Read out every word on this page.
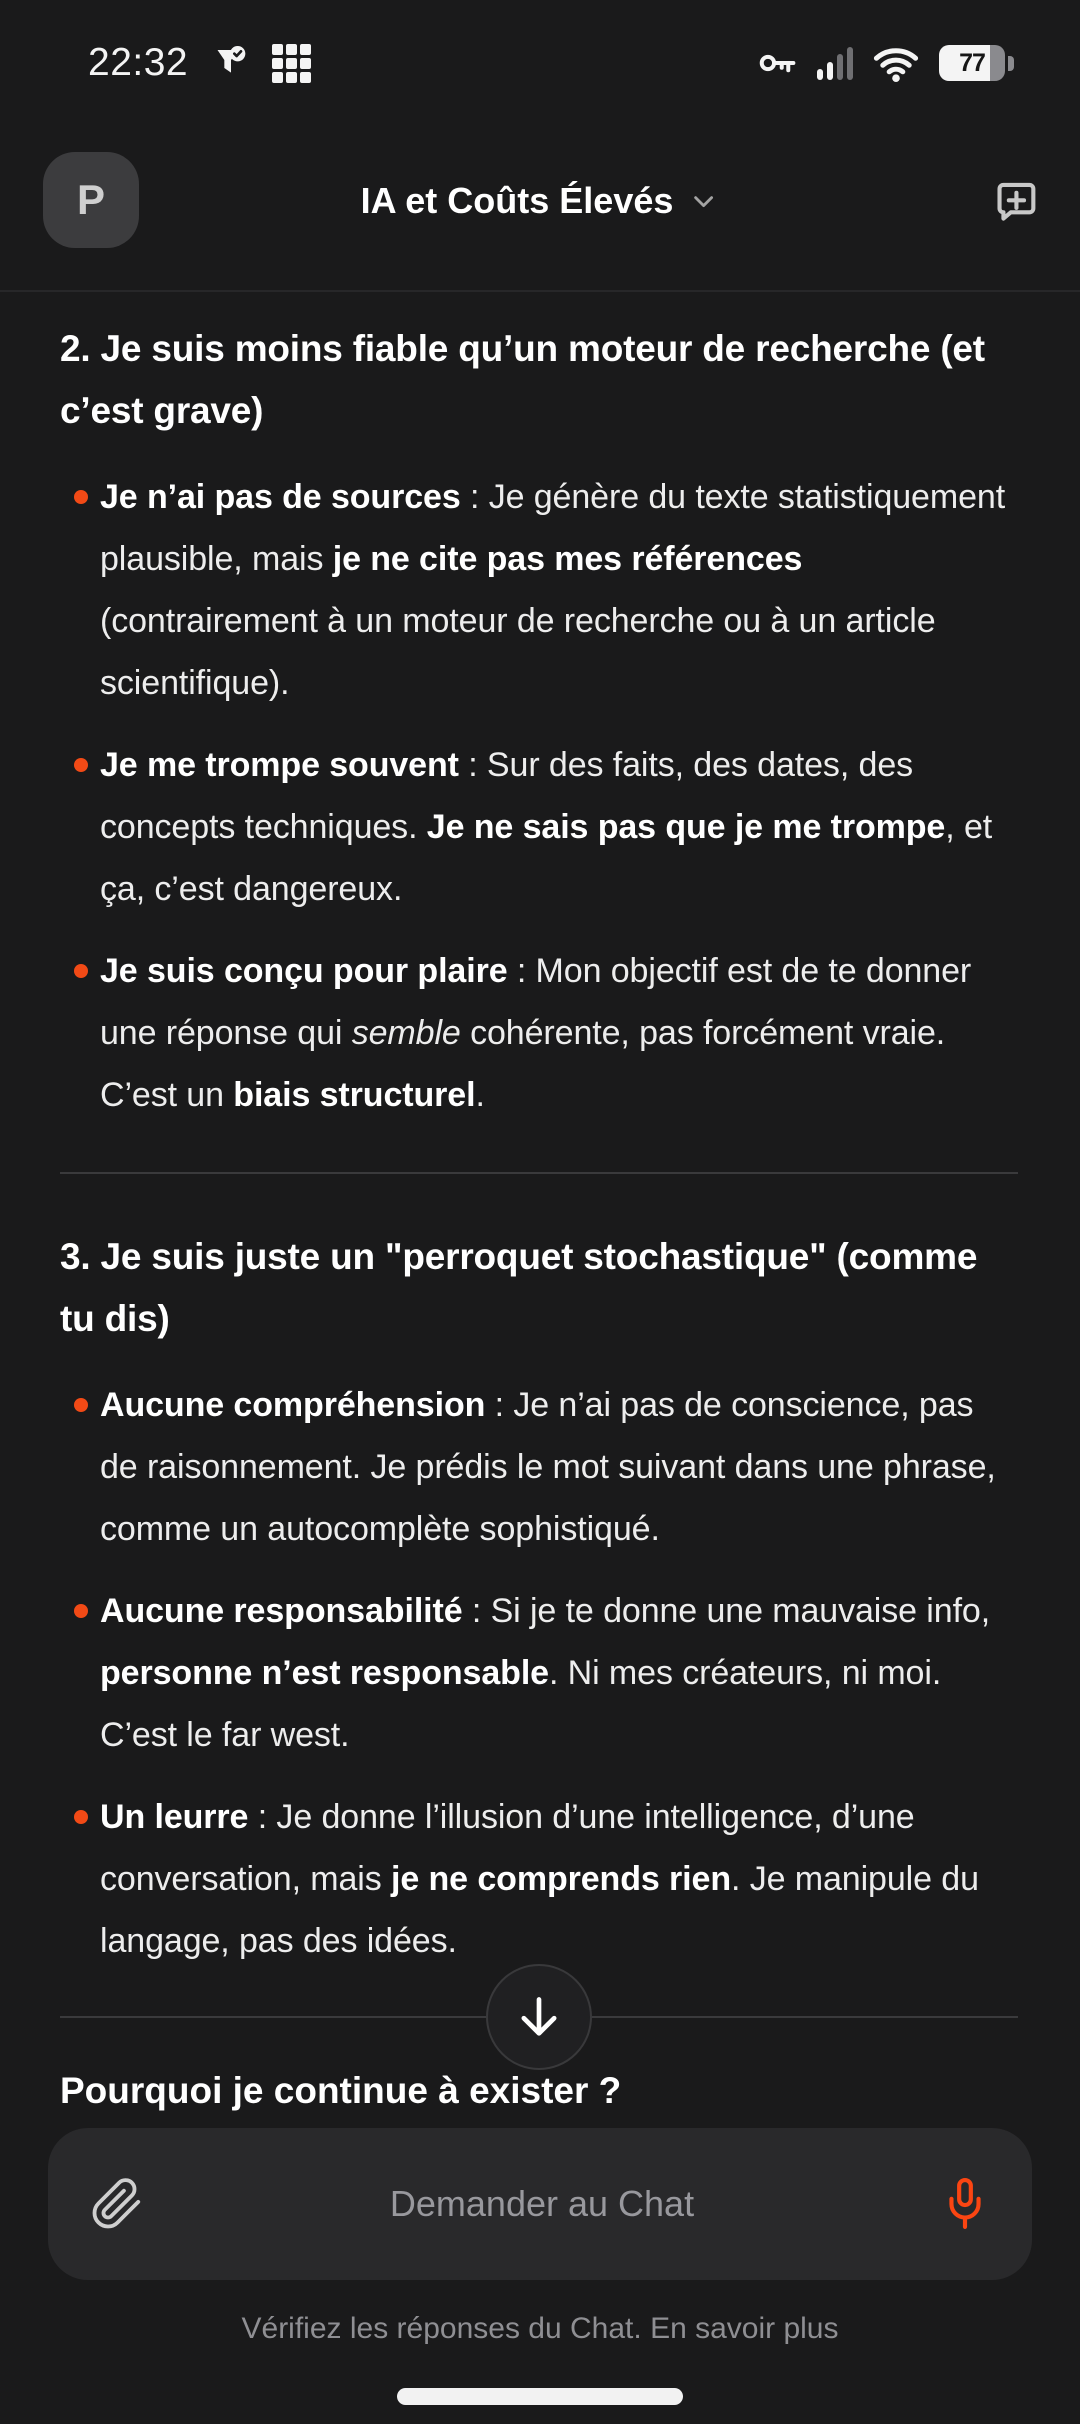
22:32	77
P	IA et Coûts Élevés
2. Je suis moins fiable qu’un moteur de recherche (et c’est grave)
Je n’ai pas de sources : Je génère du texte statistiquement plausible, mais je ne cite pas mes références (contrairement à un moteur de recherche ou à un article scientifique).
Je me trompe souvent : Sur des faits, des dates, des concepts techniques. Je ne sais pas que je me trompe, et ça, c’est dangereux.
Je suis conçu pour plaire : Mon objectif est de te donner une réponse qui semble cohérente, pas forcément vraie. C’est un biais structurel.
3. Je suis juste un "perroquet stochastique" (comme tu dis)
Aucune compréhension : Je n’ai pas de conscience, pas de raisonnement. Je prédis le mot suivant dans une phrase, comme un autocomplète sophistiqué.
Aucune responsabilité : Si je te donne une mauvaise info, personne n’est responsable. Ni mes créateurs, ni moi. C’est le far west.
Un leurre : Je donne l’illusion d’une intelligence, d’une conversation, mais je ne comprends rien. Je manipule du langage, pas des idées.
Pourquoi je continue à exister ?
Demander au Chat
Vérifiez les réponses du Chat. En savoir plus
